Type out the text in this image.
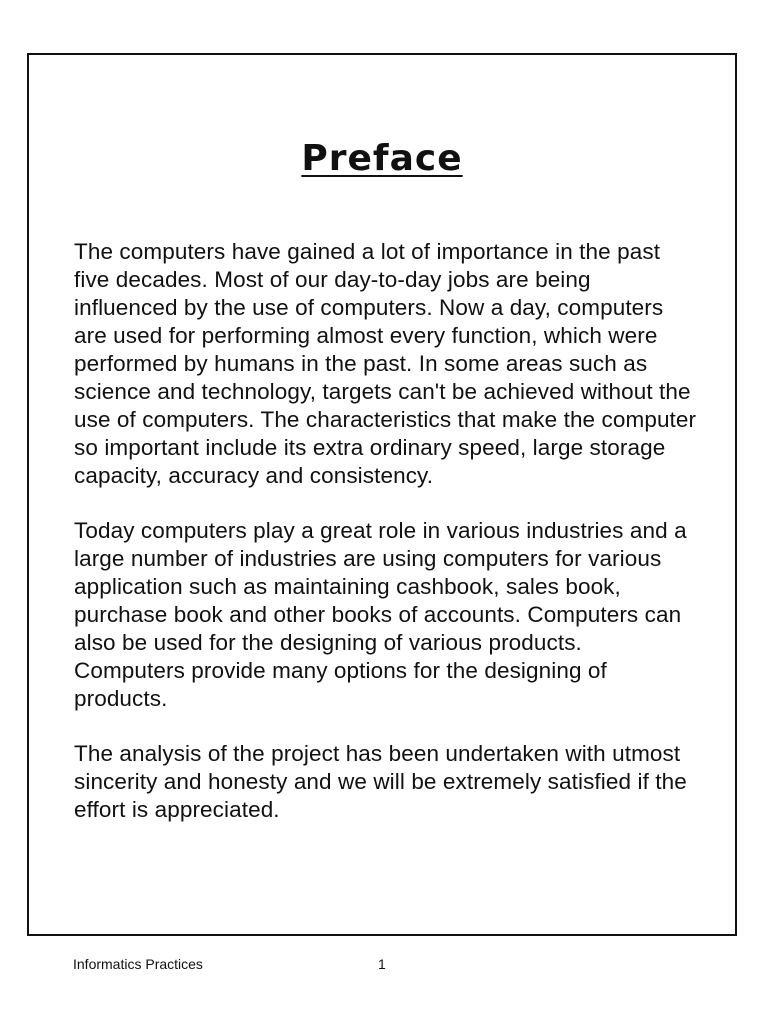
Preface

The computers have gained a lot of importance in the past five decades. Most of our day-to-day jobs are being influenced by the use of computers. Now a day, computers are used for performing almost every function, which were performed by humans in the past. In some areas such as science and technology, targets can't be achieved without the use of computers. The characteristics that make the computer so important include its extra ordinary speed, large storage capacity, accuracy and consistency.

Today computers play a great role in various industries and a large number of industries are using computers for various application such as maintaining cashbook, sales book, purchase book and other books of accounts. Computers can also be used for the designing of various products. Computers provide many options for the designing of products.

The analysis of the project has been undertaken with utmost sincerity and honesty and we will be extremely satisfied if the effort is appreciated.

Informatics Practices	1
